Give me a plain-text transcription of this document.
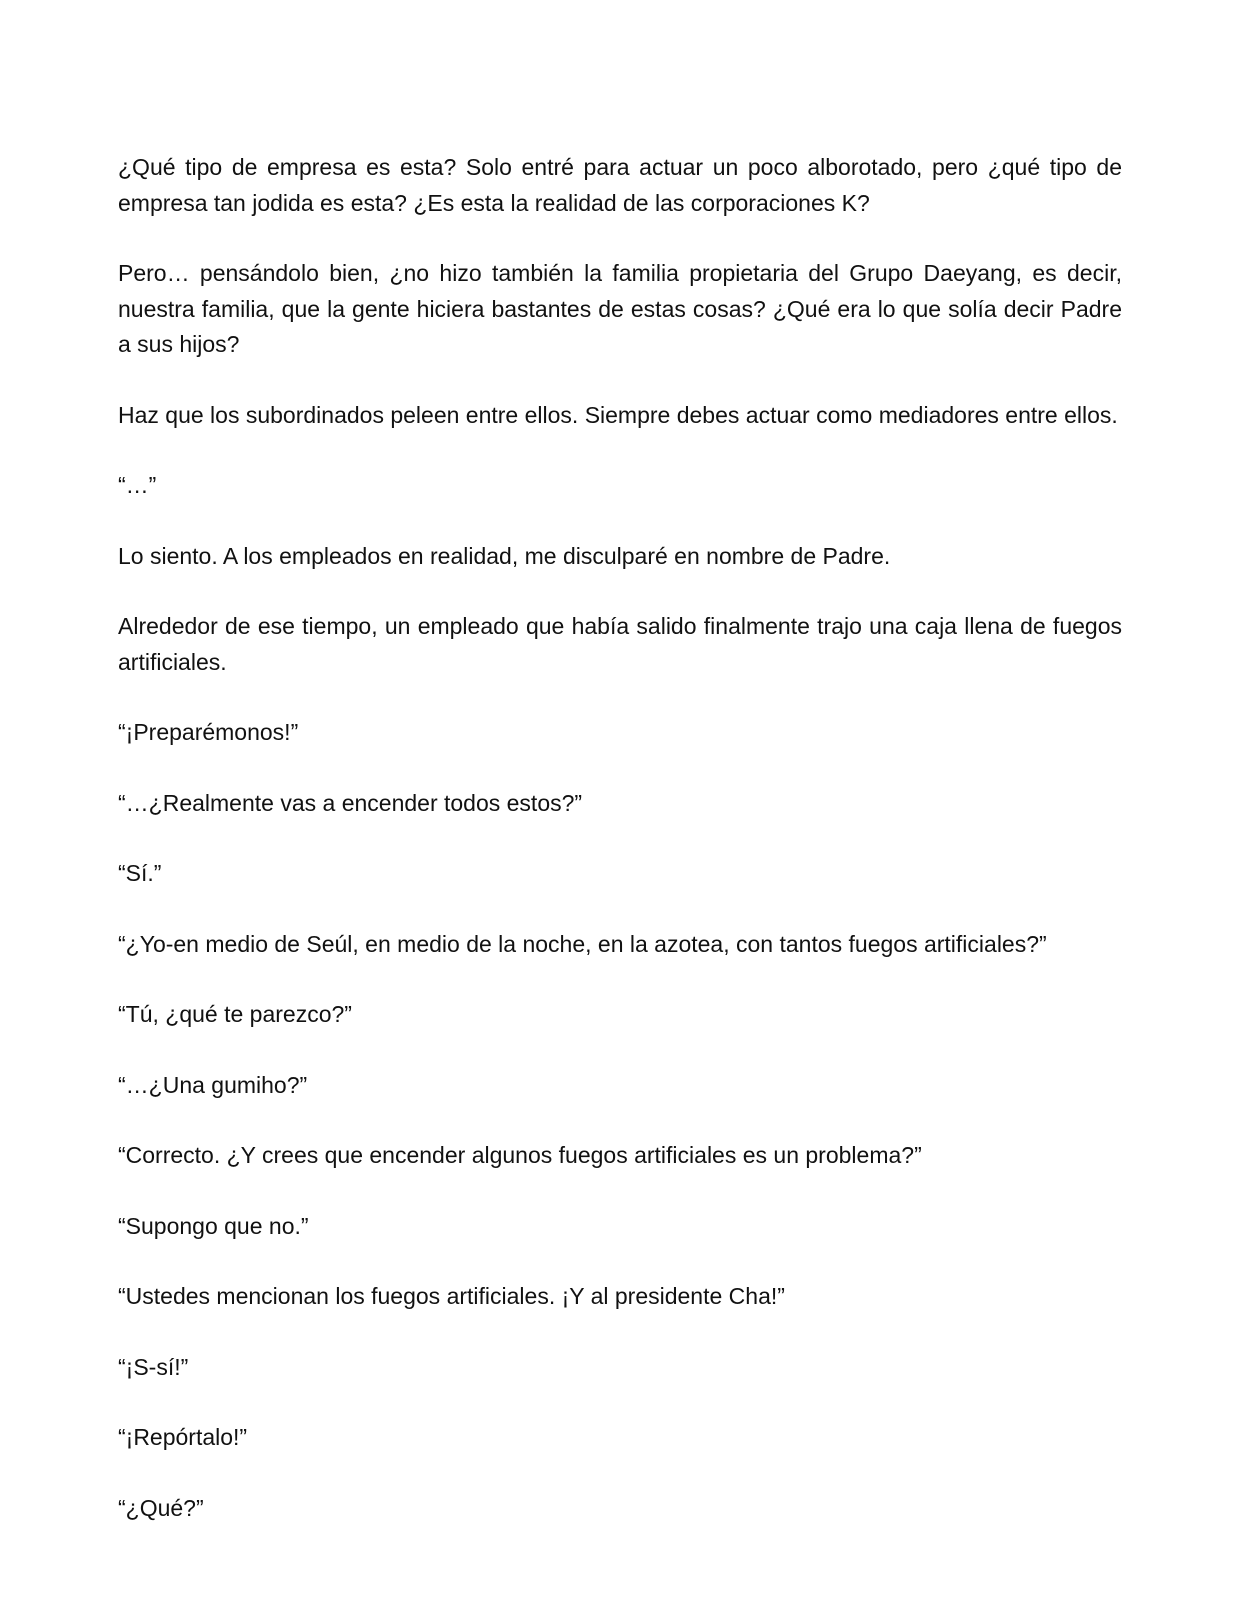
¿Qué tipo de empresa es esta? Solo entré para actuar un poco alborotado, pero ¿qué tipo de empresa tan jodida es esta? ¿Es esta la realidad de las corporaciones K?

Pero… pensándolo bien, ¿no hizo también la familia propietaria del Grupo Daeyang, es decir, nuestra familia, que la gente hiciera bastantes de estas cosas? ¿Qué era lo que solía decir Padre a sus hijos?

Haz que los subordinados peleen entre ellos. Siempre debes actuar como mediadores entre ellos.

“…”

Lo siento. A los empleados en realidad, me disculparé en nombre de Padre.

Alrededor de ese tiempo, un empleado que había salido finalmente trajo una caja llena de fuegos artificiales.

“¡Preparémonos!”

“…¿Realmente vas a encender todos estos?”

“Sí.”

“¿Yo-en medio de Seúl, en medio de la noche, en la azotea, con tantos fuegos artificiales?”

“Tú, ¿qué te parezco?”

“…¿Una gumiho?”

“Correcto. ¿Y crees que encender algunos fuegos artificiales es un problema?”

“Supongo que no.”

“Ustedes mencionan los fuegos artificiales. ¡Y al presidente Cha!”

“¡S-sí!”

“¡Repórtalo!”

“¿Qué?”
